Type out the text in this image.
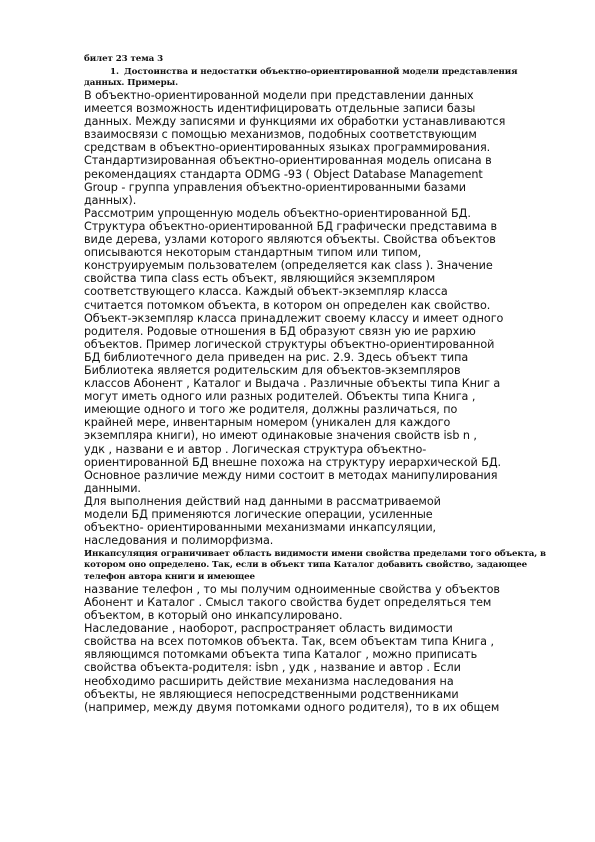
билет 23 тема 3

1. Достоинства и недостатки объектно-ориентированной модели представления

данных. Примеры.

В объектно-ориентированной модели при представлении данных
имеется возможность идентифицировать отдельные записи базы
данных. Между записями и функциями их обработки устанавливаются
взаимосвязи с помощью механизмов, подобных соответствующим
средствам в объектно-ориентированных языках программирования.
Стандартизированная объектно-ориентированная модель описана в
рекомендациях стандарта ODMG -93 ( Object Database Management
Group - группа управления объектно-ориентированными базами
данных).

Рассмотрим упрощенную модель объектно-ориентированной БД.
Структура объектно-ориентированной БД графически представима в
виде дерева, узлами которого являются объекты. Свойства объектов
описываются некоторым стандартным типом или типом,
конструируемым пользователем (определяется как class ). Значение
свойства типа class есть объект, являющийся экземпляром
соответствующего класса. Каждый объект-экземпляр класса
считается потомком объекта, в котором он определен как свойство.
Объект-экземпляр класса принадлежит своему классу и имеет одного
родителя. Родовые отношения в БД образуют связн ую ие рархию
объектов. Пример логической структуры объектно-ориентированной
БД библиотечного дела приведен на рис. 2.9. Здесь объект типа
Библиотека является родительским для объектов-экземпляров
классов Абонент , Каталог и Выдача . Различные объекты типа Книг а
могут иметь одного или разных родителей. Объекты типа Книга ,
имеющие одного и того же родителя, должны различаться, по
крайней мере, инвентарным номером (уникален для каждого
экземпляра книги), но имеют одинаковые значения свойств isb n ,
удк , названи е и автор . Логическая структура объектно-
ориентированной БД внешне похожа на структуру иерархической БД.
Основное различие между ними состоит в методах манипулирования
данными.

Для выполнения действий над данными в рассматриваемой
модели БД применяются логические операции, усиленные
объектно- ориентированными механизмами инкапсуляции,
наследования и полиморфизма.

Инкапсуляция ограничивает область видимости имени свойства пределами того объекта, в
котором оно определено. Так, если в объект типа Каталог добавить свойство, задающее
телефон автора книги и имеющее

название телефон , то мы получим одноименные свойства у объектов
Абонент и Каталог . Смысл такого свойства будет определяться тем
объектом, в который оно инкапсулировано.

Наследование , наоборот, распространяет область видимости
свойства на всех потомков объекта. Так, всем объектам типа Книга ,
являющимся потомками объекта типа Каталог , можно приписать
свойства объекта-родителя: isbn , удк , название и автор . Если
необходимо расширить действие механизма наследования на
объекты, не являющиеся непосредственными родственниками
(например, между двумя потомками одного родителя), то в их общем
